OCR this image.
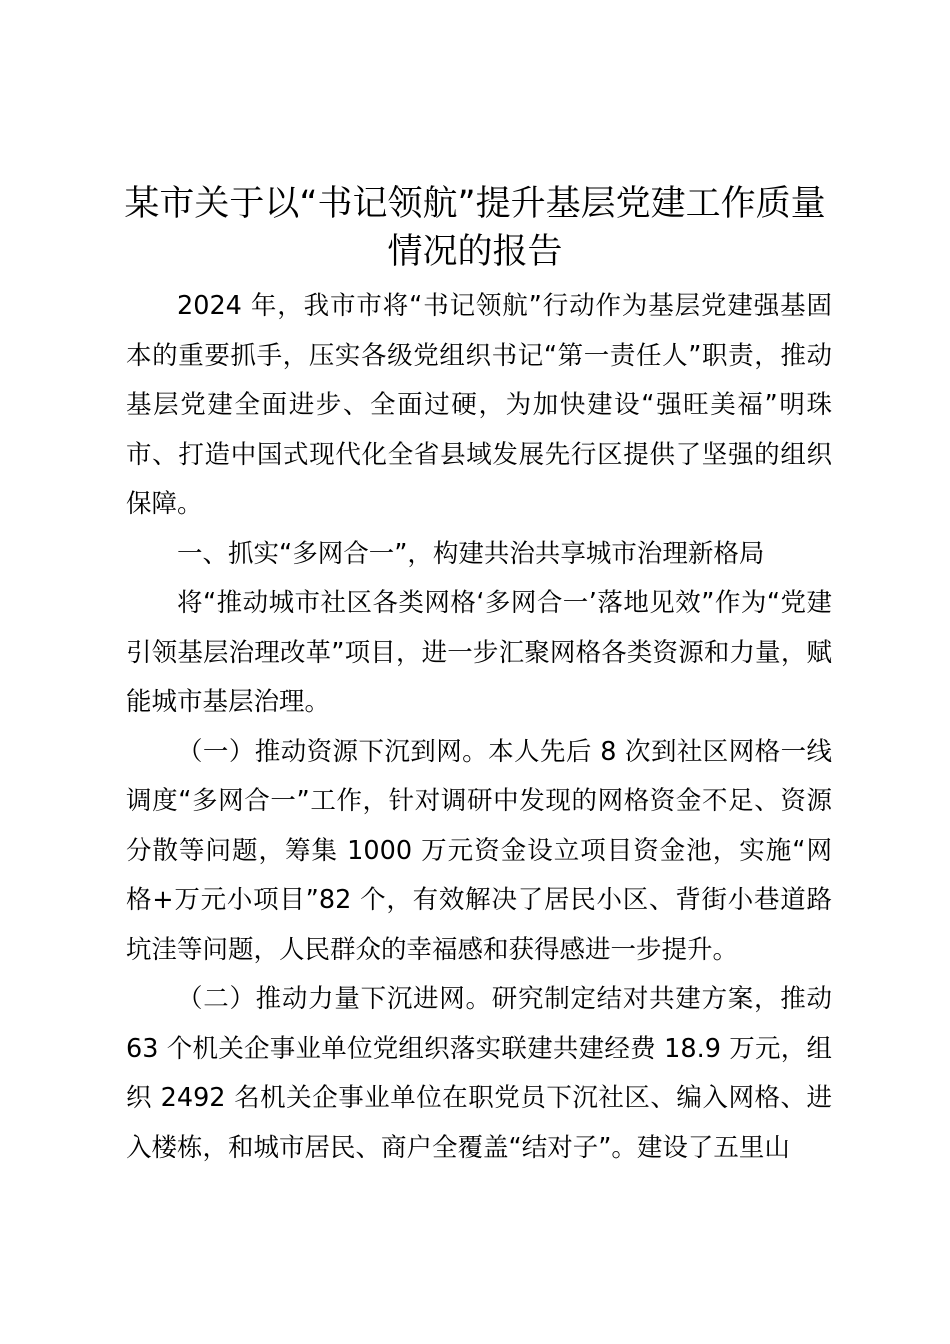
某市关于以“书记领航”提升基层党建工作质量情况的报告

2024 年，我市市将“书记领航”行动作为基层党建强基固本的重要抓手，压实各级党组织书记“第一责任人”职责，推动基层党建全面进步、全面过硬，为加快建设“强旺美福”明珠市、打造中国式现代化全省县域发展先行区提供了坚强的组织保障。

一、抓实“多网合一”，构建共治共享城市治理新格局

将“推动城市社区各类网格‘多网合一’落地见效”作为“党建引领基层治理改革”项目，进一步汇聚网格各类资源和力量，赋能城市基层治理。

（一）推动资源下沉到网。本人先后 8 次到社区网格一线调度“多网合一”工作，针对调研中发现的网格资金不足、资源分散等问题，筹集 1000 万元资金设立项目资金池，实施“网格+万元小项目”82 个，有效解决了居民小区、背街小巷道路坑洼等问题，人民群众的幸福感和获得感进一步提升。

（二）推动力量下沉进网。研究制定结对共建方案，推动 63 个机关企事业单位党组织落实联建共建经费 18.9 万元，组织 2492 名机关企事业单位在职党员下沉社区、编入网格、进入楼栋，和城市居民、商户全覆盖“结对子”。建设了五里山
